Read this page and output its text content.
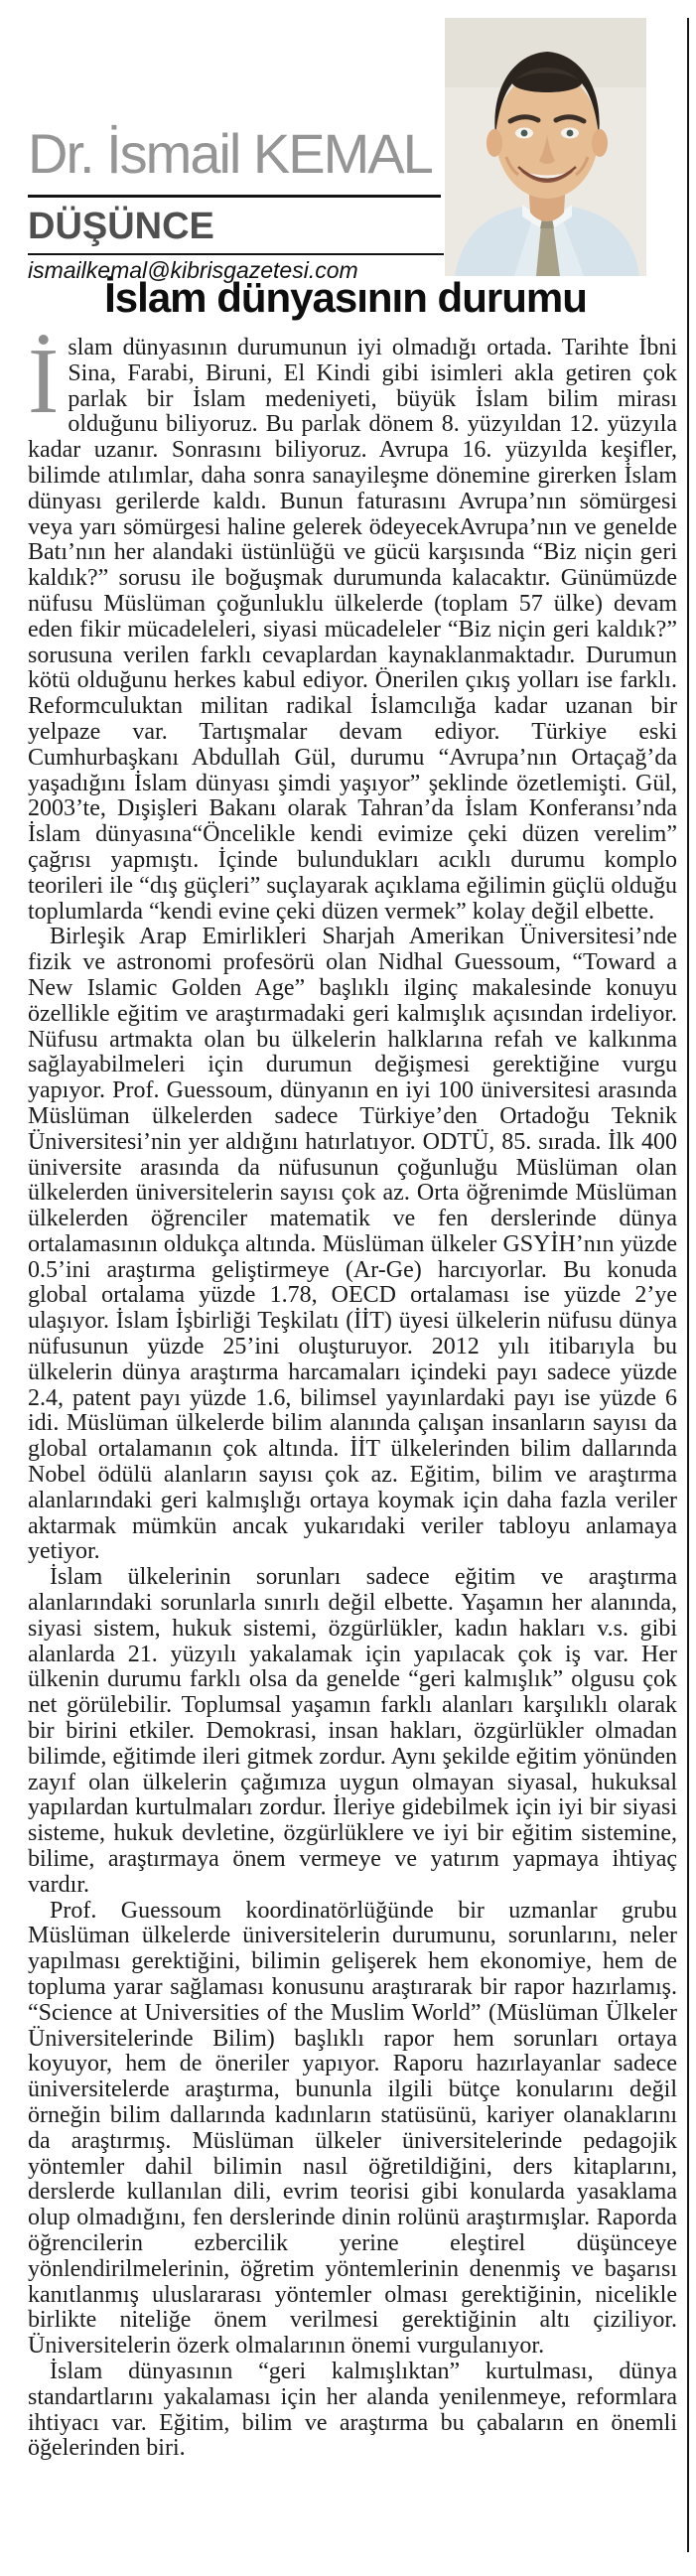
Dr. İsmail KEMAL
DÜŞÜNCE
ismailkemal@kibrisgazetesi.com
İslam dünyasının durumu

İslam dünyasının durumunun iyi olmadığı ortada. Tarihte İbni Sina, Farabi, Biruni, El Kindi gibi isimleri akla getiren çok parlak bir İslam medeniyeti, büyük İslam bilim mirası olduğunu biliyoruz. Bu parlak dönem 8. yüzyıldan 12. yüzyıla kadar uzanır. Sonrasını biliyoruz. Avrupa 16. yüzyılda keşifler, bilimde atılımlar, daha sonra sanayileşme dönemine girerken İslam dünyası gerilerde kaldı. Bunun faturasını Avrupa’nın sömürgesi veya yarı sömürgesi haline gelerek ödeyecekAvrupa’nın ve genelde Batı’nın her alandaki üstünlüğü ve gücü karşısında “Biz niçin geri kaldık?” sorusu ile boğuşmak durumunda kalacaktır. Günümüzde nüfusu Müslüman çoğunluklu ülkelerde (toplam 57 ülke) devam eden fikir mücadeleleri, siyasi mücadeleler “Biz niçin geri kaldık?” sorusuna verilen farklı cevaplardan kaynaklanmaktadır. Durumun kötü olduğunu herkes kabul ediyor. Önerilen çıkış yolları ise farklı. Reformculuktan militan radikal İslamcılığa kadar uzanan bir yelpaze var. Tartışmalar devam ediyor. Türkiye eski Cumhurbaşkanı Abdullah Gül, durumu “Avrupa’nın Ortaçağ’da yaşadığını İslam dünyası şimdi yaşıyor” şeklinde özetlemişti. Gül, 2003’te, Dışişleri Bakanı olarak Tahran’da İslam Konferansı’nda İslam dünyasına“Öncelikle kendi evimize çeki düzen verelim” çağrısı yapmıştı. İçinde bulundukları acıklı durumu komplo teorileri ile “dış güçleri” suçlayarak açıklama eğilimin güçlü olduğu toplumlarda “kendi evine çeki düzen vermek” kolay değil elbette.

Birleşik Arap Emirlikleri Sharjah Amerikan Üniversitesi’nde fizik ve astronomi profesörü olan Nidhal Guessoum, “Toward a New Islamic Golden Age” başlıklı ilginç makalesinde konuyu özellikle eğitim ve araştırmadaki geri kalmışlık açısından irdeliyor. Nüfusu artmakta olan bu ülkelerin halklarına refah ve kalkınma sağlayabilmeleri için durumun değişmesi gerektiğine vurgu yapıyor. Prof. Guessoum, dünyanın en iyi 100 üniversitesi arasında Müslüman ülkelerden sadece Türkiye’den Ortadoğu Teknik Üniversitesi’nin yer aldığını hatırlatıyor. ODTÜ, 85. sırada. İlk 400 üniversite arasında da nüfusunun çoğunluğu Müslüman olan ülkelerden üniversitelerin sayısı çok az. Orta öğrenimde Müslüman ülkelerden öğrenciler matematik ve fen derslerinde dünya ortalamasının oldukça altında. Müslüman ülkeler GSYİH’nın yüzde 0.5’ini araştırma geliştirmeye (Ar-Ge) harcıyorlar. Bu konuda global ortalama yüzde 1.78, OECD ortalaması ise yüzde 2’ye ulaşıyor. İslam İşbirliği Teşkilatı (İİT) üyesi ülkelerin nüfusu dünya nüfusunun yüzde 25’ini oluşturuyor. 2012 yılı itibarıyla bu ülkelerin dünya araştırma harcamaları içindeki payı sadece yüzde 2.4, patent payı yüzde 1.6, bilimsel yayınlardaki payı ise yüzde 6 idi. Müslüman ülkelerde bilim alanında çalışan insanların sayısı da global ortalamanın çok altında. İİT ülkelerinden bilim dallarında Nobel ödülü alanların sayısı çok az. Eğitim, bilim ve araştırma alanlarındaki geri kalmışlığı ortaya koymak için daha fazla veriler aktarmak mümkün ancak yukarıdaki veriler tabloyu anlamaya yetiyor.

İslam ülkelerinin sorunları sadece eğitim ve araştırma alanlarındaki sorunlarla sınırlı değil elbette. Yaşamın her alanında, siyasi sistem, hukuk sistemi, özgürlükler, kadın hakları v.s. gibi alanlarda 21. yüzyılı yakalamak için yapılacak çok iş var. Her ülkenin durumu farklı olsa da genelde “geri kalmışlık” olgusu çok net görülebilir. Toplumsal yaşamın farklı alanları karşılıklı olarak bir birini etkiler. Demokrasi, insan hakları, özgürlükler olmadan bilimde, eğitimde ileri gitmek zordur. Aynı şekilde eğitim yönünden zayıf olan ülkelerin çağımıza uygun olmayan siyasal, hukuksal yapılardan kurtulmaları zordur. İleriye gidebilmek için iyi bir siyasi sisteme, hukuk devletine, özgürlüklere ve iyi bir eğitim sistemine, bilime, araştırmaya önem vermeye ve yatırım yapmaya ihtiyaç vardır.

Prof. Guessoum koordinatörlüğünde bir uzmanlar grubu Müslüman ülkelerde üniversitelerin durumunu, sorunlarını, neler yapılması gerektiğini, bilimin gelişerek hem ekonomiye, hem de topluma yarar sağlaması konusunu araştırarak bir rapor hazırlamış. “Science at Universities of the Muslim World” (Müslüman Ülkeler Üniversitelerinde Bilim) başlıklı rapor hem sorunları ortaya koyuyor, hem de öneriler yapıyor. Raporu hazırlayanlar sadece üniversitelerde araştırma, bununla ilgili bütçe konularını değil örneğin bilim dallarında kadınların statüsünü, kariyer olanaklarını da araştırmış. Müslüman ülkeler üniversitelerinde pedagojik yöntemler dahil bilimin nasıl öğretildiğini, ders kitaplarını, derslerde kullanılan dili, evrim teorisi gibi konularda yasaklama olup olmadığını, fen derslerinde dinin rolünü araştırmışlar. Raporda öğrencilerin ezbercilik yerine eleştirel düşünceye yönlendirilmelerinin, öğretim yöntemlerinin denenmiş ve başarısı kanıtlanmış uluslararası yöntemler olması gerektiğinin, nicelikle birlikte niteliğe önem verilmesi gerektiğinin altı çiziliyor. Üniversitelerin özerk olmalarının önemi vurgulanıyor.

İslam dünyasının “geri kalmışlıktan” kurtulması, dünya standartlarını yakalaması için her alanda yenilenmeye, reformlara ihtiyacı var. Eğitim, bilim ve araştırma bu çabaların en önemli öğelerinden biri.
